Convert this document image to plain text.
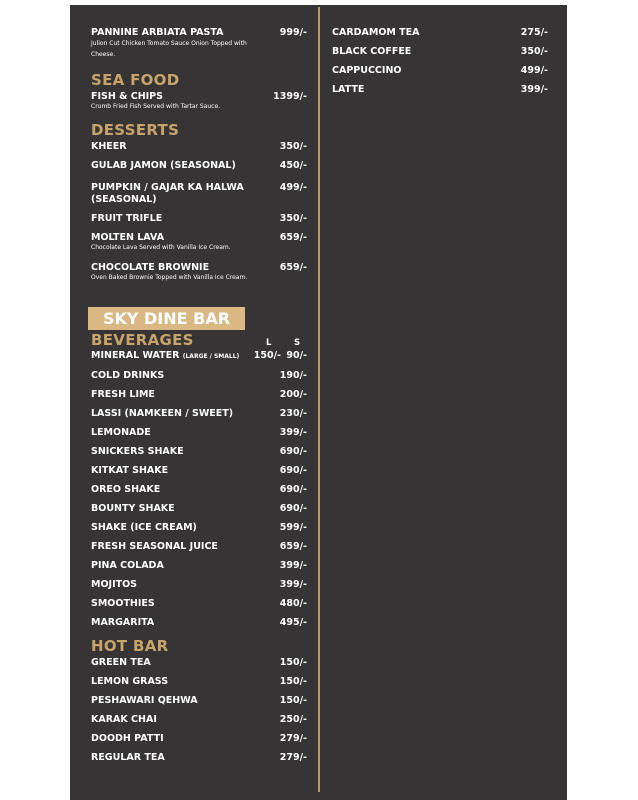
PANNINE ARBIATA PASTA	999/-
Julion Cut Chicken Tomato Sauce Onion Topped with Cheese.
SEA FOOD
FISH & CHIPS	1399/-
Crumb Fried Fish Served with Tartar Sauce.
DESSERTS
KHEER	350/-
GULAB JAMON (SEASONAL)	450/-
PUMPKIN / GAJAR KA HALWA
(SEASONAL)
499/-
FRUIT TRIFLE	350/-
MOLTEN LAVA	659/-
Chocolate Lava Served with Vanilla Ice Cream.
CHOCOLATE BROWNIE	659/-
Oven Baked Brownie Topped with Vanilla Ice Cream.
SKY DINE BAR
BEVERAGES	L	S
MINERAL WATER (LARGE / SMALL) 150/- 90/-
COLD DRINKS	190/-
FRESH LIME	200/-
LASSI (NAMKEEN / SWEET)	230/-
LEMONADE	399/-
SNICKERS SHAKE	690/-
KITKAT SHAKE	690/-
OREO SHAKE	690/-
BOUNTY SHAKE	690/-
SHAKE (ICE CREAM)	599/-
FRESH SEASONAL JUICE	659/-
PINA COLADA	399/-
MOJITOS	399/-
SMOOTHIES	480/-
MARGARITA	495/-
HOT BAR
GREEN TEA	150/-
LEMON GRASS	150/-
PESHAWARI QEHWA	150/-
KARAK CHAI	250/-
DOODH PATTI	279/-
REGULAR TEA	279/-
CARDAMOM TEA	275/-
BLACK COFFEE	350/-
CAPPUCCINO	499/-
LATTE	399/-
